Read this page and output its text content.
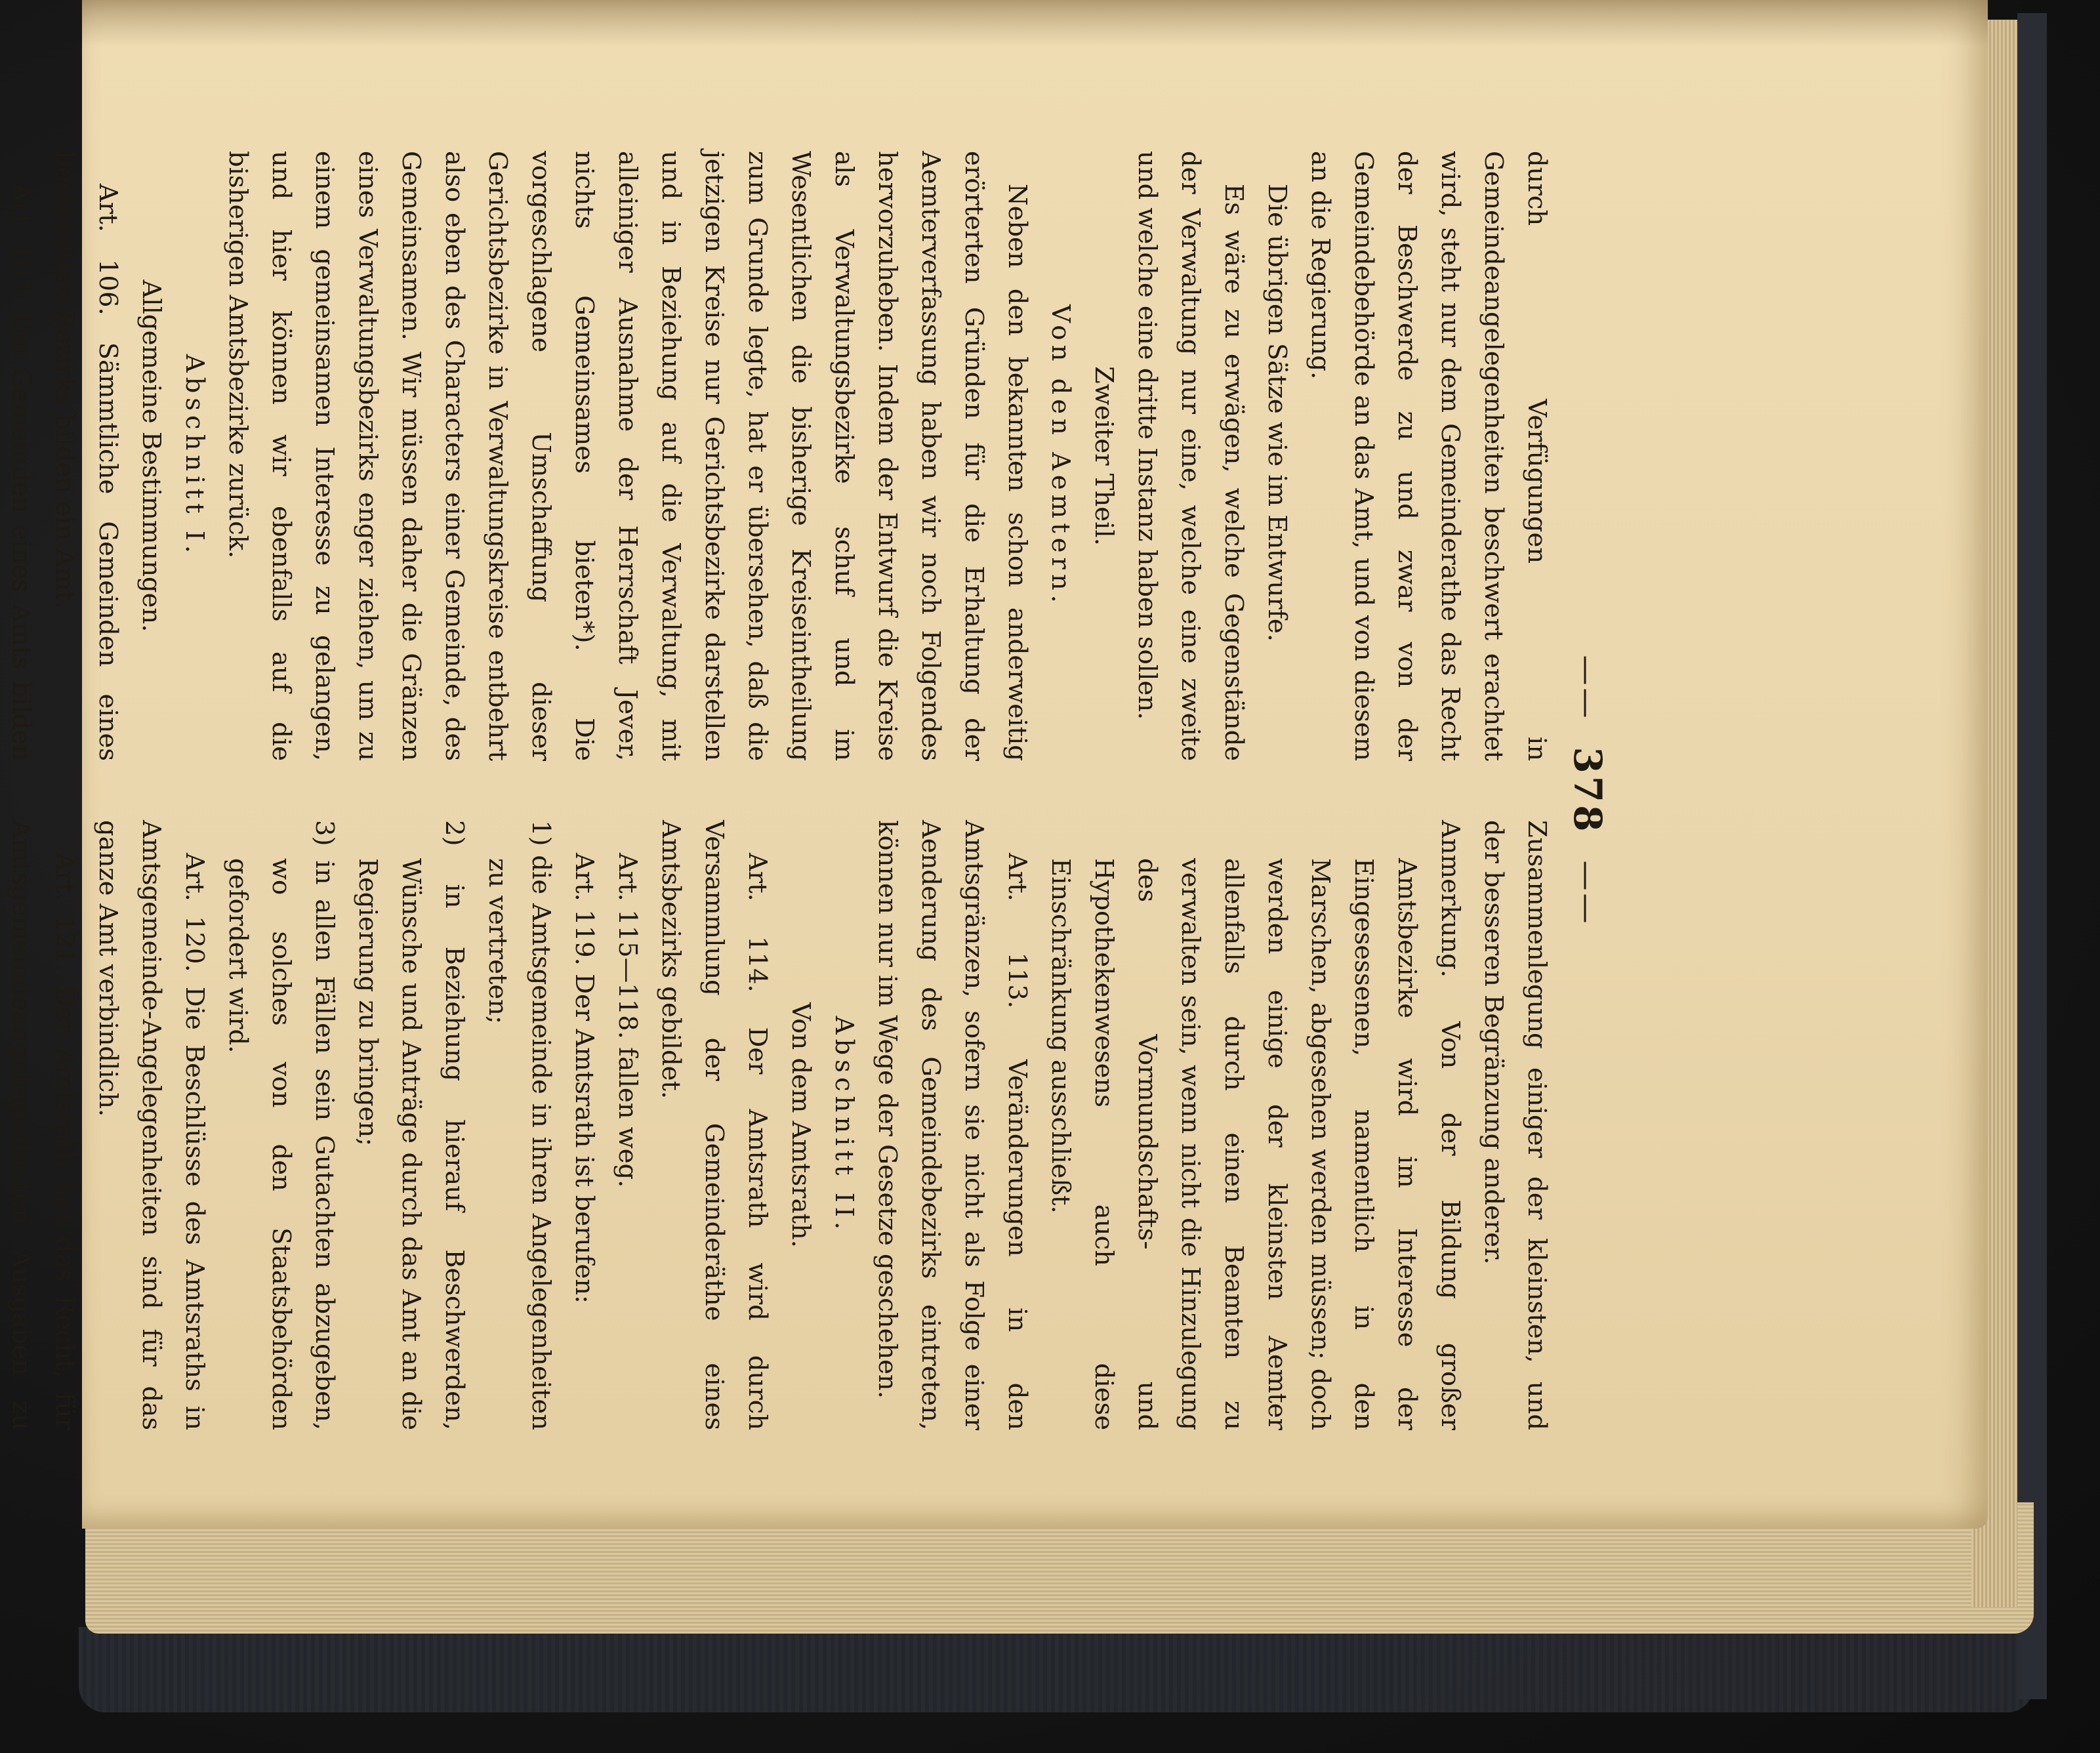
——
378
——

durch Verfügungen in Gemeindeangelegenheiten beschwert erachtet wird, steht nur dem Gemeinderathe das Recht der Beschwerde zu und zwar von der Gemeindebehörde an das Amt, und von diesem an die Regierung.

Die übrigen Sätze wie im Entwurfe.

Es wäre zu erwägen, welche Gegenstände der Verwaltung nur eine, welche eine zweite und welche eine dritte Instanz haben sollen.

Zweiter Theil.

Von den Aemtern.

Neben den bekannten schon anderweitig erörterten Gründen für die Erhaltung der Aemterverfassung haben wir noch Folgendes hervorzuheben. Indem der Entwurf die Kreise als Verwaltungsbezirke schuf und im Wesentlichen die bisherige Kreiseintheilung zum Grunde legte, hat er übersehen, daß die jetzigen Kreise nur Gerichtsbezirke darstellen und in Beziehung auf die Verwaltung, mit alleiniger Ausnahme der Herrschaft Jever, nichts Gemeinsames bieten*). Die vorgeschlagene Umschaffung dieser Gerichtsbezirke in Verwaltungskreise entbehrt also eben des Characters einer Gemeinde, des Gemeinsamen. Wir müssen daher die Gränzen eines Verwaltungsbezirks enger ziehen, um zu einem gemeinsamen Interesse zu gelangen, und hier können wir ebenfalls auf die bisherigen Amtsbezirke zurück.

Abschnitt I.

Allgemeine Bestimmungen.

Art. 106. Sämmtliche Gemeinden eines bestimmten Bezirks bilden ein Amt.

Art. 107. Die Gemeinden eines Amts bilden

Zusammenlegung einiger der kleinsten, und der besseren Begränzung anderer.

Anmerkung. Von der Bildung großer Amtsbezirke wird im Interesse der Eingesessenen, namentlich in den Marschen, abgesehen werden müssen; doch werden einige der kleinsten Aemter allenfalls durch einen Beamten zu verwalten sein, wenn nicht die Hinzulegung des Vormundschafts- und Hypothekenwesens auch diese Einschränkung ausschließt.

Art. 113. Veränderungen in den Amtsgränzen, sofern sie nicht als Folge einer Aenderung des Gemeindebezirks eintreten, können nur im Wege der Gesetze geschehen.

Abschnitt II.

Von dem Amtsrath.

Art. 114. Der Amtsrath wird durch Versammlung der Gemeinderäthe eines Amtsbezirks gebildet.

Art. 115—118. fallen weg.

Art. 119. Der Amtsrath ist berufen:

1) die Amtsgemeinde in ihren Angelegenheiten zu vertreten;

2) in Beziehung hierauf Beschwerden, Wünsche und Anträge durch das Amt an die Regierung zu bringen;

3) in allen Fällen sein Gutachten abzugeben, wo solches von den Staatsbehörden gefordert wird.

Art. 120. Die Beschlüsse des Amtsraths in Amtsgemeinde-Angelegenheiten sind für das ganze Amt verbindlich.

Art. 121. Der Amtsrath hat das Recht, für Amtsgemeindeangelegenheiten Ausgaben zu
